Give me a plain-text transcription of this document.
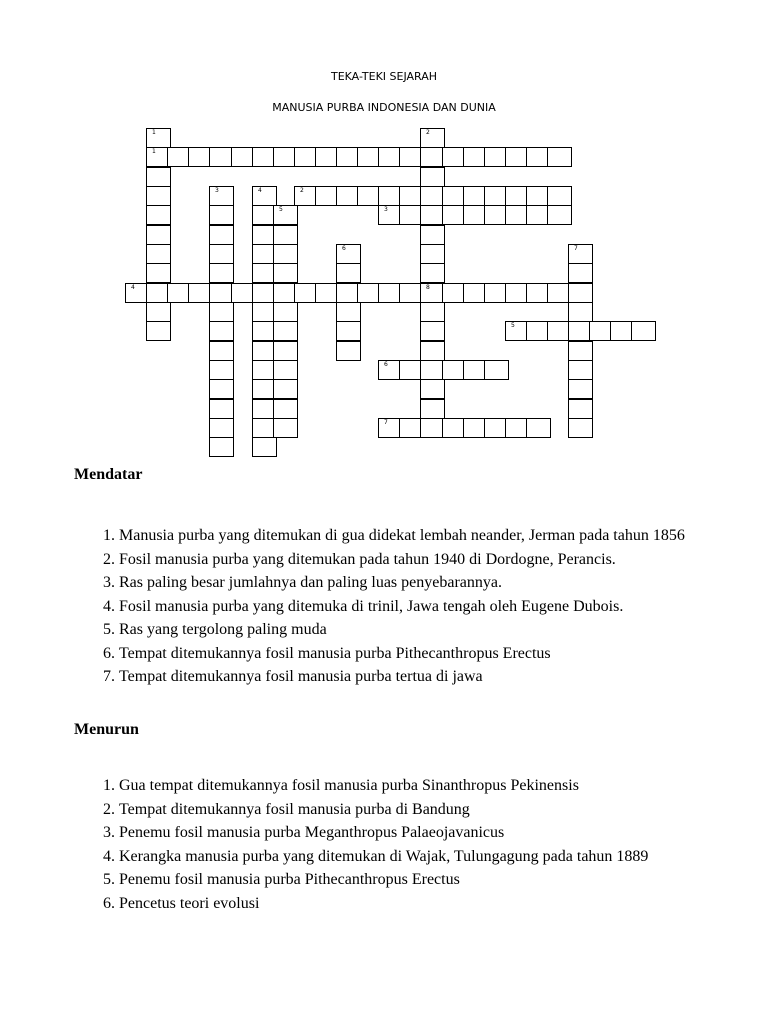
TEKA-TEKI SEJARAH
MANUSIA PURBA INDONESIA DAN DUNIA
1
2
3
4	8
5
6
7
1	2
3	4
5
6	7
Mendatar
1. Manusia purba yang ditemukan di gua didekat lembah neander, Jerman pada tahun 1856
2. Fosil manusia purba yang ditemukan pada tahun 1940 di Dordogne, Perancis.
3. Ras paling besar jumlahnya dan paling luas penyebarannya.
4. Fosil manusia purba yang ditemuka di trinil, Jawa tengah oleh Eugene Dubois.
5. Ras yang tergolong paling muda
6. Tempat ditemukannya fosil manusia purba Pithecanthropus Erectus
7. Tempat ditemukannya fosil manusia purba tertua di jawa
Menurun
1. Gua tempat ditemukannya fosil manusia purba Sinanthropus Pekinensis
2. Tempat ditemukannya fosil manusia purba di Bandung
3. Penemu fosil manusia purba Meganthropus Palaeojavanicus
4. Kerangka manusia purba yang ditemukan di Wajak, Tulungagung pada tahun 1889
5. Penemu fosil manusia purba Pithecanthropus Erectus
6. Pencetus teori evolusi
